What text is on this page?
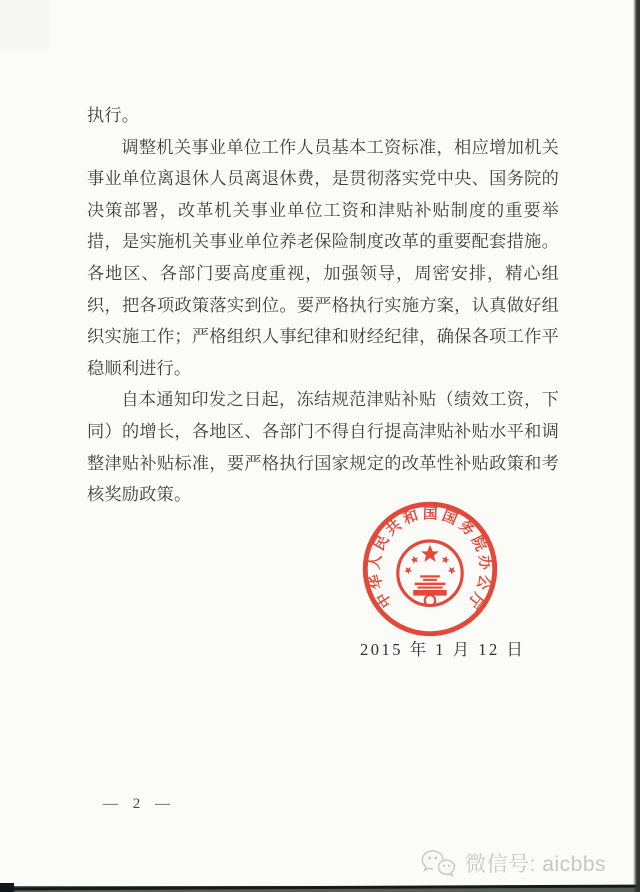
执行。

调整机关事业单位工作人员基本工资标准，相应增加机关事业单位离退休人员离退休费，是贯彻落实党中央、国务院的决策部署，改革机关事业单位工资和津贴补贴制度的重要举措，是实施机关事业单位养老保险制度改革的重要配套措施。各地区、各部门要高度重视，加强领导，周密安排，精心组织，把各项政策落实到位。要严格执行实施方案，认真做好组织实施工作；严格组织人事纪律和财经纪律，确保各项工作平稳顺利进行。

自本通知印发之日起，冻结规范津贴补贴（绩效工资，下同）的增长，各地区、各部门不得自行提高津贴补贴水平和调整津贴补贴标准，要严格执行国家规定的改革性补贴政策和考核奖励政策。

中华人民共和国国务院办公厅
2015 年 1 月 12 日
— 2 —
微信号: aicbbs
